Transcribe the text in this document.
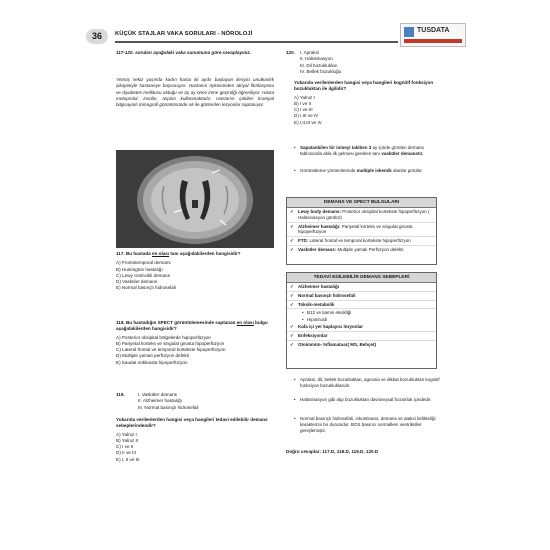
36	KÜÇÜK STAJLAR VAKA SORULARI - NÖROLOJİ	TUSDATA
117-120. soruları aşağıdaki vaka sunumuna göre cevaplayınız.
Yetmiş sekiz yaşında kadın hasta iki aydır başlayan ileriyici unutkanlık şikayetiyle hastaneye başvuruyor. Hastanın öyküsünden atriyal fibrilasyonu ve diyabetes mellitusu olduğu ve üç ay önce inme geçirdiği öğreniliyor. Hasta metoprolol, insülin, aspirin kullanmaktadır. Hastanın çekilen kraniyal bilgisayarlı tomografi görüntüsünde ok ile gösterilen lezyonlar saptanıyor.
117. Bu hastada en olası tanı aşağıdakilerden hangisidir?
A) Frontotemporal demans
B) Huntington hastalığı
C) Lewy cisimcikli demans
D) Vasküler demans
E) Normal basınçlı hidrosefali
118. Bu hastadığın SPECT görüntülemesinde saptanan en olası bulgu aşağıdakilerden hangisidir?
A) Posterior oksipital bölgelerde hipoperfüzyon
B) Pariyetal korteks ve singulat girusta hipoperfüzyon
C) Lateral frontal ve temporal kortekste hipoperfüzyon
D) Multiple yamalı perfüzyon defekti
E) Kaudat nükleusta hipoperfüzyon
119.	I. Vasküler demans
II. Alzheimer hastalığı
III. Normal basınçlı hidrosefali
Yukarıda verilenlerden hangisi veya hangileri tedavi edilebilir demans sebeplerindendir?
A) Yalnız I
B) Yalnız II
C) I ve II
D) II ve III
E) I, II ve III
120. I. Apraksi
II. Halüsinasyon
III. Dil bozuklukları
IV. Bellek bozukluğu
Yukarıda verilenlerden hangisi veya hangileri kognitif fonksiyon bozukluktan ile ilgilidir?
A) Yalnız I
B) I ve II
C) I ve III
D) I,III ve IV
E) I,II,III ve IV
• Sapatanbilen bir inmeyi takiben 3 ay içinde görülen demans tablosunda akla ilk gelmesi gereken tanı vasküler demanstır.
• Görüntüleme yöntemlerinde multiple iskemik alanlar görülür.
DEMANS VE SPECT BULGULARI
✓ Lewy body demans: Posterior oksipital kortekste hipoperfüzyon ( Halüsinasyon görülür)
✓ Alzheimer hastalığı: Pariyetal korteks ve singulat girusta hipoperfüzyon
✓ FTD: Lateral frontal ve temporal kortekste hipoperfüzyon
✓ Vasküler demans: Multiple yamalı Perfüzyon defekti
TEDAVİ EDİLEBİLİR DEMANS SEBEPLERİ
✓ Alzheimer hastalığı
✓ Normal basınçlı hidrosefali
✓ Toksik-metabolik
• B12 ve tiamin eksikliği
• Hipotiroidi
✓ Kafa içi yer kaplayıcı lezyonlar
✓ Enfeksiyonlar
✓ Otoimmün- İnflamatuar( MS, Behçet)
• Apraksi, dil, bellek bozukluktan, agnosia ve dikkat bozukluktan kognitif fonksiyon bozukluklarıdır.
• Halüsinasyon gibi algı bozukluktan davranışsal bozukluk içindedir.
• Normal basınçlı hidrosefali, inkontinans, demans ve ataksi birlikteliği karakterize bir durumdur. BOS basıncı normalken ventriküller genişlemiştir.
Doğru cevaplar: 117.D, 118.D, 119.D, 120.D
